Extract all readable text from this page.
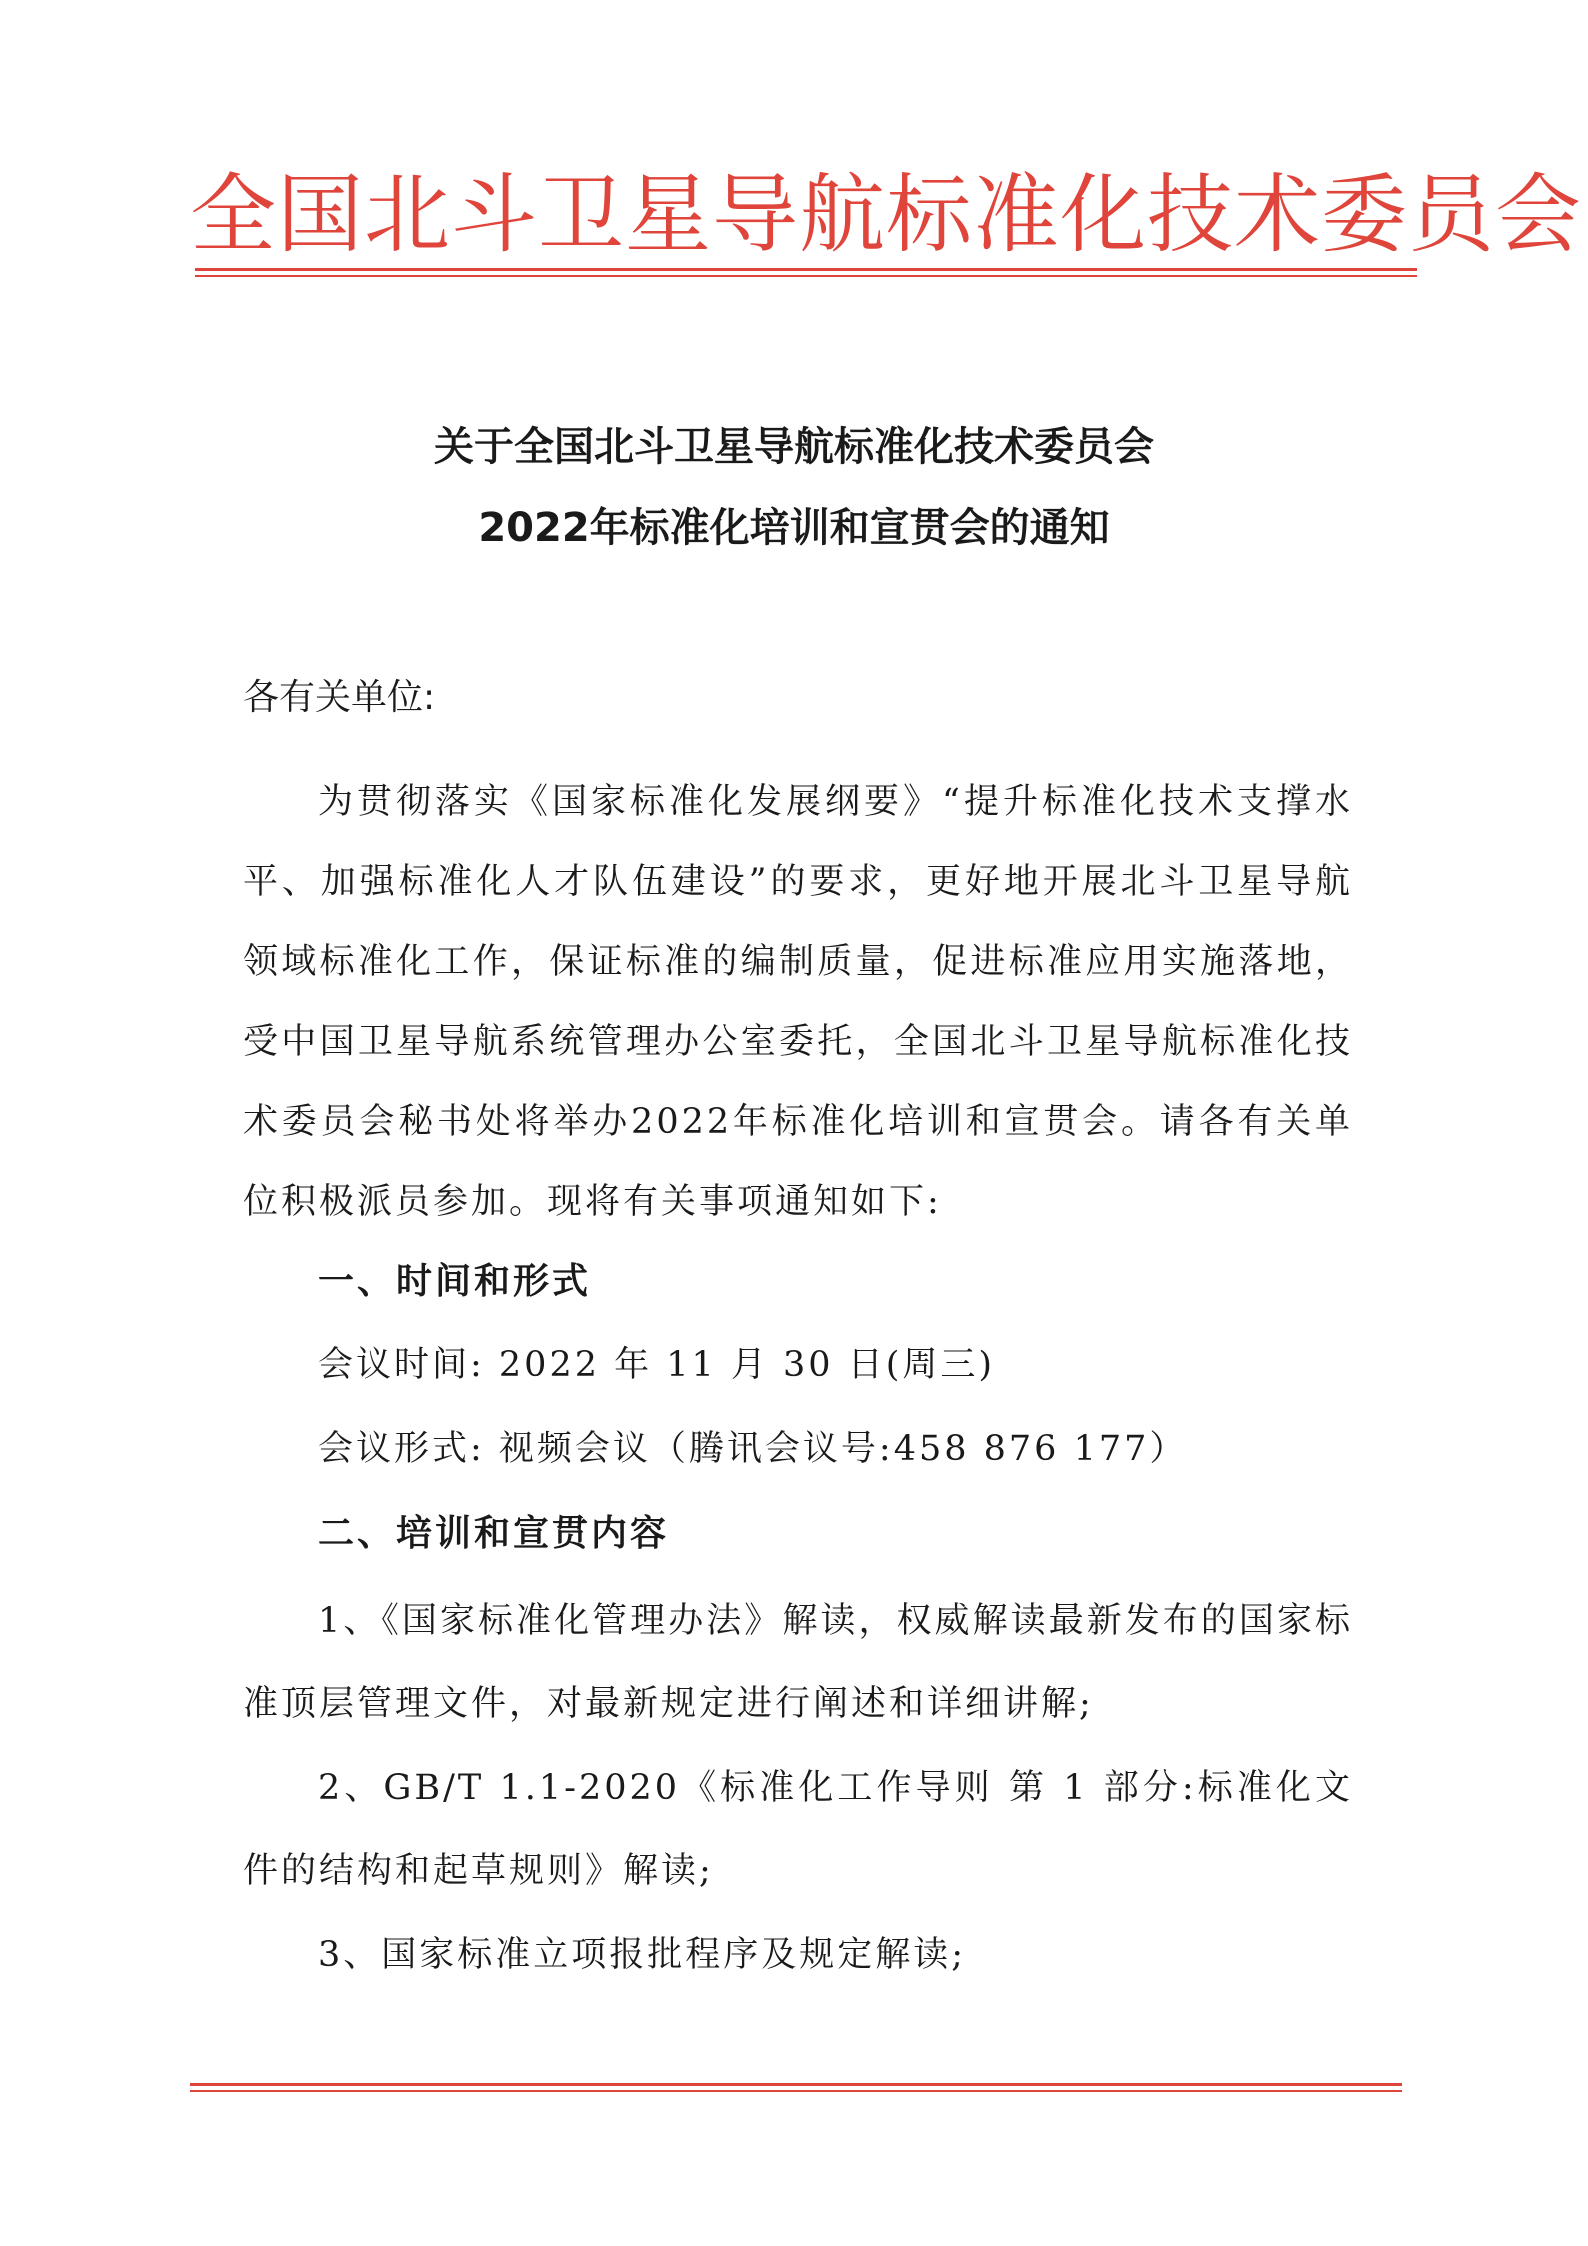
全国北斗卫星导航标准化技术委员会
关于全国北斗卫星导航标准化技术委员会
2022年标准化培训和宣贯会的通知
各有关单位:
为贯彻落实《国家标准化发展纲要》“提升标准化技术支撑水平、加强标准化人才队伍建设”的要求，更好地开展北斗卫星导航领域标准化工作，保证标准的编制质量，促进标准应用实施落地，受中国卫星导航系统管理办公室委托，全国北斗卫星导航标准化技术委员会秘书处将举办2022年标准化培训和宣贯会。请各有关单位积极派员参加。现将有关事项通知如下:
一、时间和形式
会议时间: 2022 年 11 月 30 日(周三)
会议形式: 视频会议（腾讯会议号:458 876 177）
二、培训和宣贯内容
1、《国家标准化管理办法》解读，权威解读最新发布的国家标准顶层管理文件，对最新规定进行阐述和详细讲解;
2、GB/T 1.1-2020《标准化工作导则 第 1 部分:标准化文件的结构和起草规则》解读;
3、国家标准立项报批程序及规定解读;
